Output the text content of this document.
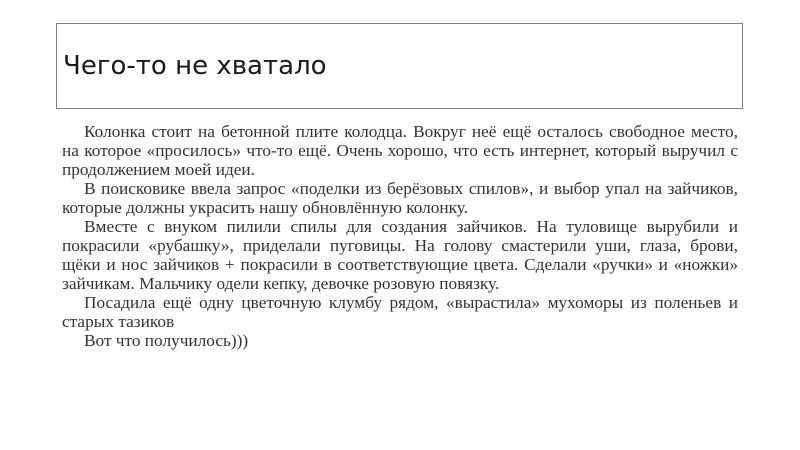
Чего-то не хватало

Колонка стоит на бетонной плите колодца. Вокруг неё ещё осталось свободное место, на которое «просилось» что-то ещё. Очень хорошо, что есть интернет, который выручил с продолжением моей идеи.

В поисковике ввела запрос «поделки из берёзовых спилов», и выбор упал на зайчиков, которые должны украсить нашу обновлённую колонку.

Вместе с внуком пилили спилы для создания зайчиков. На туловище вырубили и покрасили «рубашку», приделали пуговицы. На голову смастерили уши, глаза, брови, щёки и нос зайчиков + покрасили в соответствующие цвета. Сделали «ручки» и «ножки» зайчикам. Мальчику одели кепку, девочке розовую повязку.

Посадила ещё одну цветочную клумбу рядом, «вырастила» мухоморы из поленьев и старых тазиков

Вот что получилось)))
